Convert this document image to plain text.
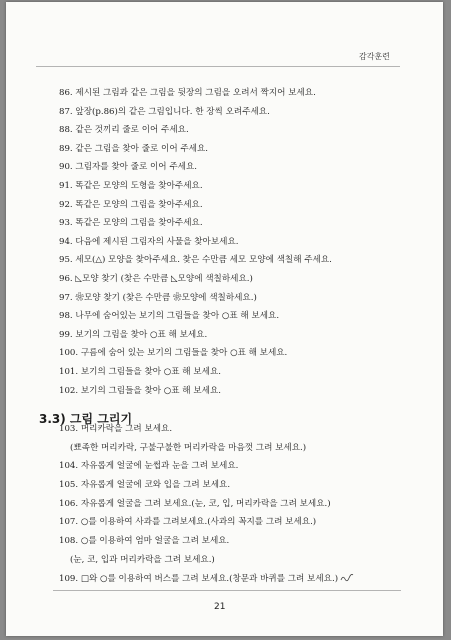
감각훈련
86. 제시된 그림과 같은 그림을 뒷장의 그림을 오려서 짝지어 보세요.
87. 앞장(p.86)의 같은 그림입니다. 한 장씩 오려주세요.
88. 같은 것끼리 줄로 이어 주세요.
89. 같은 그림을 찾아 줄로 이어 주세요.
90. 그림자를 찾아 줄로 이어 주세요.
91. 똑같은 모양의 도형을 찾아주세요.
92. 똑같은 모양의 그림을 찾아주세요.
93. 똑같은 모양의 그림을 찾아주세요.
94. 다음에 제시된 그림자의 사물을 찾아보세요.
95. 세모(△) 모양을 찾아주세요. 찾은 수만큼 세모 모양에 색칠해 주세요.
96. ◺모양 찾기 (찾은 수만큼 ◺모양에 색칠하세요.)
97. ❀모양 찾기 (찾은 수만큼 ❀모양에 색칠하세요.)
98. 나무에 숨어있는 보기의 그림들을 찾아 ○표 해 보세요.
99. 보기의 그림을 찾아 ○표 해 보세요.
100. 구름에 숨어 있는 보기의 그림들을 찾아 ○표 해 보세요.
101. 보기의 그림들을 찾아 ○표 해 보세요.
102. 보기의 그림들을 찾아 ○표 해 보세요.
3.3) 그림 그리기
103. 머리카락을 그려 보세요.
(뾰족한 머리카락, 구불구불한 머리카락을 마음껏 그려 보세요.)
104. 자유롭게 얼굴에 눈썹과 눈을 그려 보세요.
105. 자유롭게 얼굴에 코와 입을 그려 보세요.
106. 자유롭게 얼굴을 그려 보세요.(눈, 코, 입, 머리카락을 그려 보세요.)
107. ○를 이용하여 사과를 그려보세요.(사과의 꼭지를 그려 보세요.)
108. ○를 이용하여 엄마 얼굴을 그려 보세요.
(눈, 코, 입과 머리카락을 그려 보세요.)
109. □와 ○를 이용하여 버스를 그려 보세요.(창문과 바퀴를 그려 보세요.)
21
